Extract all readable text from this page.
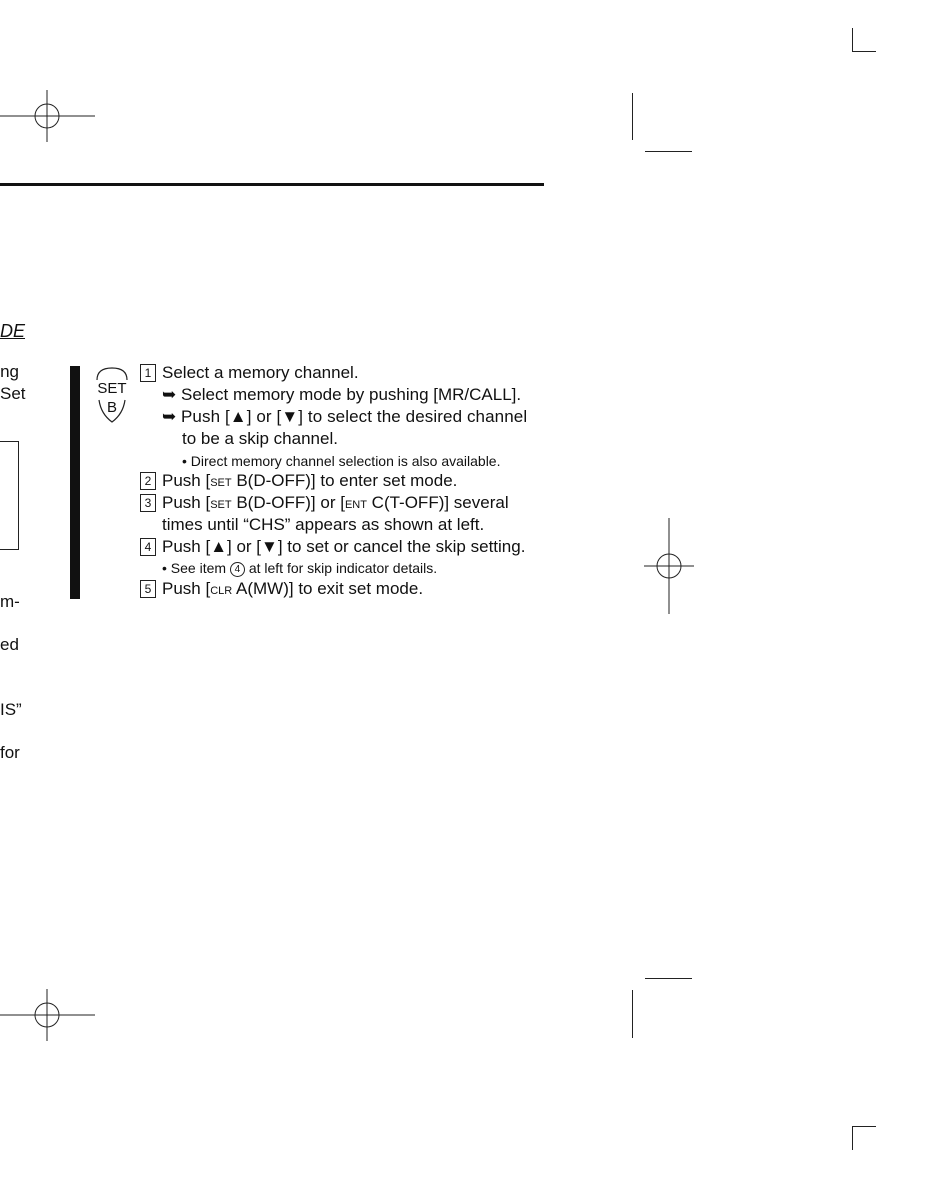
DE
ng
Set
m-
ed
IS”
for
SET
B
1 Select a memory channel.
➥ Select memory mode by pushing [MR/CALL].
➥ Push [▲] or [▼] to select the desired channel
to be a skip channel.
• Direct memory channel selection is also available.
2 Push [set B(D-OFF)] to enter set mode.
3 Push [set B(D-OFF)] or [ent C(T-OFF)] several
times until “CHS” appears as shown at left.
4 Push [▲] or [▼] to set or cancel the skip setting.
• See item 4 at left for skip indicator details.
5 Push [clr A(MW)] to exit set mode.
